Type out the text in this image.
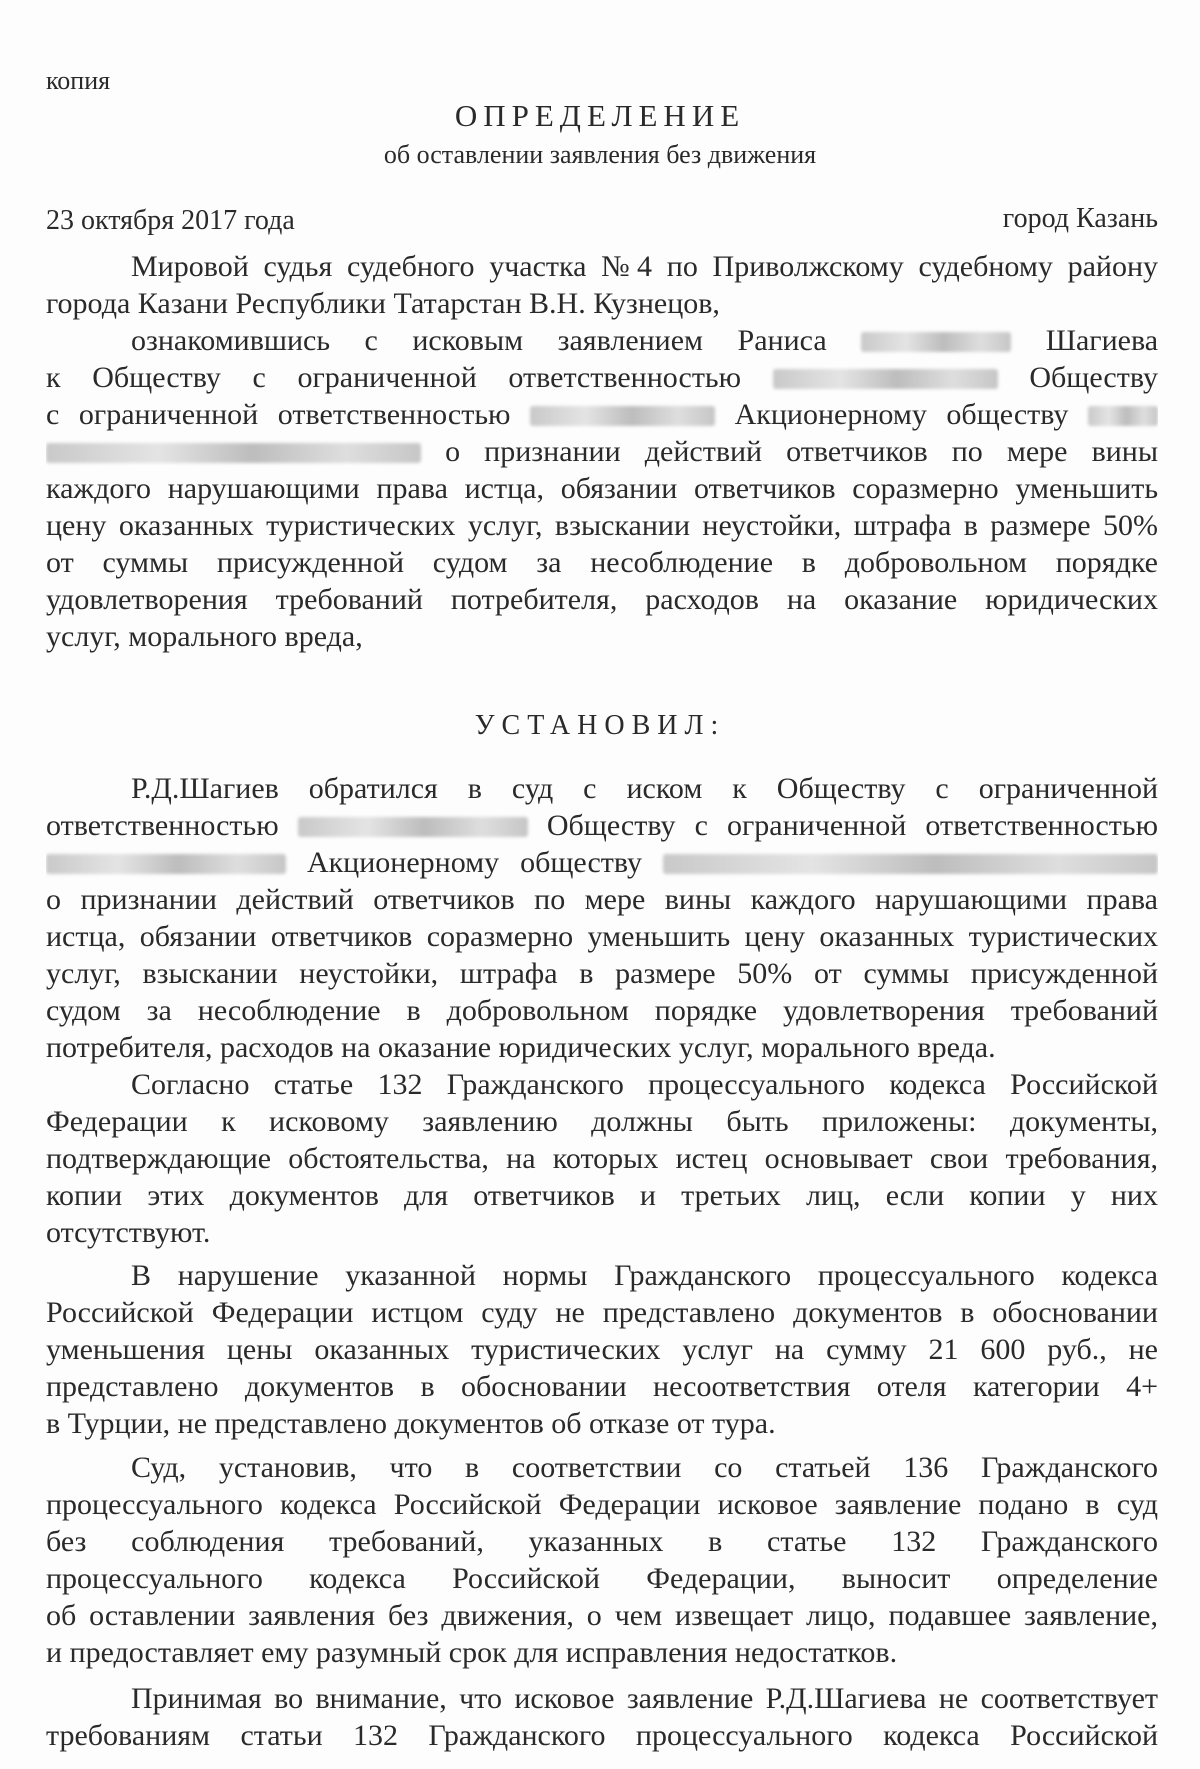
копия
ОПРЕДЕЛЕНИЕ
об оставлении заявления без движения
23 октября 2017 года	город Казань
Мировой судья судебного участка №4 по Приволжскому судебному району
города Казани Республики Татарстан В.Н. Кузнецов,
ознакомившись с исковым заявлением Раниса	Шагиева
к Обществу с ограниченной ответственностью	Обществу
с ограниченной ответственностью	Акционерному обществу
о признании действий ответчиков по мере вины
каждого нарушающими права истца, обязании ответчиков соразмерно уменьшить
цену оказанных туристических услуг, взыскании неустойки, штрафа в размере 50%
от суммы присужденной судом за несоблюдение в добровольном порядке
удовлетворения требований потребителя, расходов на оказание юридических
услуг, морального вреда,
УСТАНОВИЛ:
Р.Д.Шагиев обратился в суд с иском к Обществу с ограниченной
ответственностью	Обществу с ограниченной ответственностью
Акционерному обществу
о признании действий ответчиков по мере вины каждого нарушающими права
истца, обязании ответчиков соразмерно уменьшить цену оказанных туристических
услуг, взыскании неустойки, штрафа в размере 50% от суммы присужденной
судом за несоблюдение в добровольном порядке удовлетворения требований
потребителя, расходов на оказание юридических услуг, морального вреда.
Согласно статье 132 Гражданского процессуального кодекса Российской
Федерации к исковому заявлению должны быть приложены: документы,
подтверждающие обстоятельства, на которых истец основывает свои требования,
копии этих документов для ответчиков и третьих лиц, если копии у них
отсутствуют.
В нарушение указанной нормы Гражданского процессуального кодекса
Российской Федерации истцом суду не представлено документов в обосновании
уменьшения цены оказанных туристических услуг на сумму 21 600 руб., не
представлено документов в обосновании несоответствия отеля категории 4+
в Турции, не представлено документов об отказе от тура.
Суд, установив, что в соответствии со статьей 136 Гражданского
процессуального кодекса Российской Федерации исковое заявление подано в суд
без соблюдения требований, указанных в статье 132 Гражданского
процессуального кодекса Российской Федерации, выносит определение
об оставлении заявления без движения, о чем извещает лицо, подавшее заявление,
и предоставляет ему разумный срок для исправления недостатков.
Принимая во внимание, что исковое заявление Р.Д.Шагиева не соответствует
требованиям статьи 132 Гражданского процессуального кодекса Российской
